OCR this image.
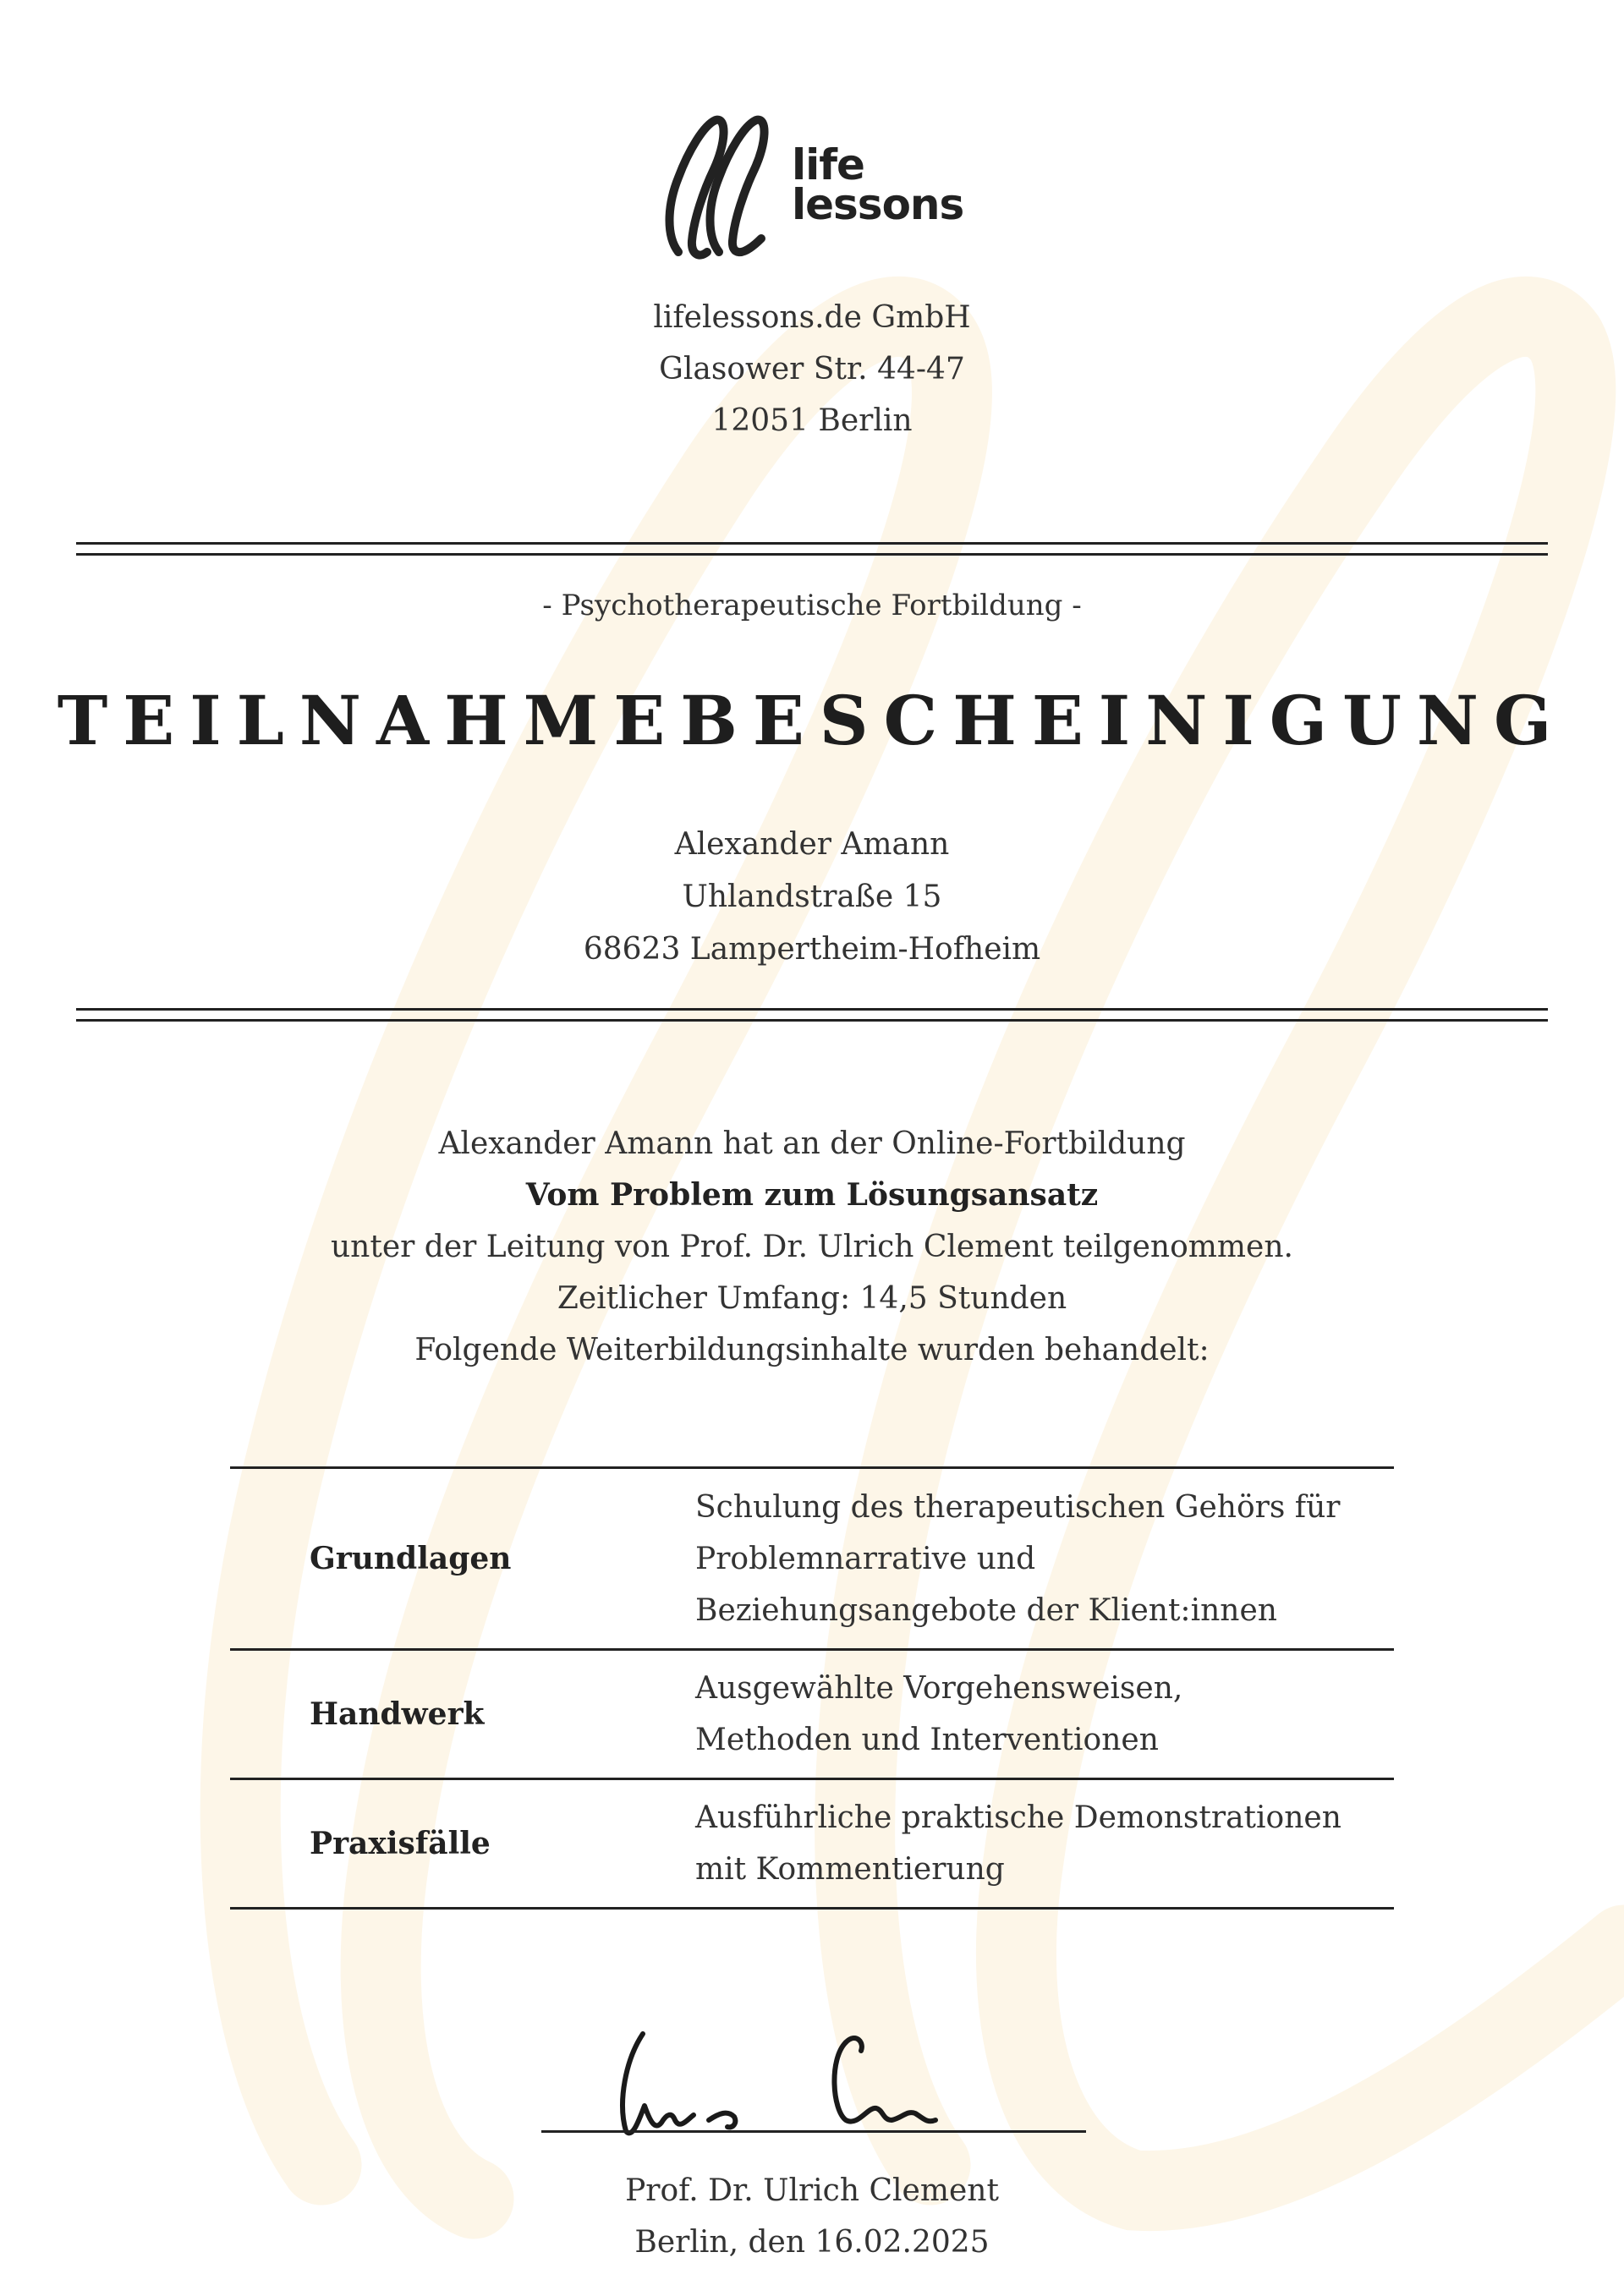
life
lessons
lifelessons.de GmbH
Glasower Str. 44-47
12051 Berlin
- Psychotherapeutische Fortbildung -
TEILNAHMEBESCHEINIGUNG
Alexander Amann
Uhlandstraße 15
68623 Lampertheim-Hofheim
Alexander Amann hat an der Online-Fortbildung
Vom Problem zum Lösungsansatz
unter der Leitung von Prof. Dr. Ulrich Clement teilgenommen.
Zeitlicher Umfang: 14,5 Stunden
Folgende Weiterbildungsinhalte wurden behandelt:
Grundlagen	Schulung des therapeutischen Gehörs für
Problemnarrative und
Beziehungsangebote der Klient:innen

Handwerk	Ausgewählte Vorgehensweisen,
Methoden und Interventionen

Praxisfälle	Ausführliche praktische Demonstrationen
mit Kommentierung
Prof. Dr. Ulrich Clement
Berlin, den 16.02.2025
